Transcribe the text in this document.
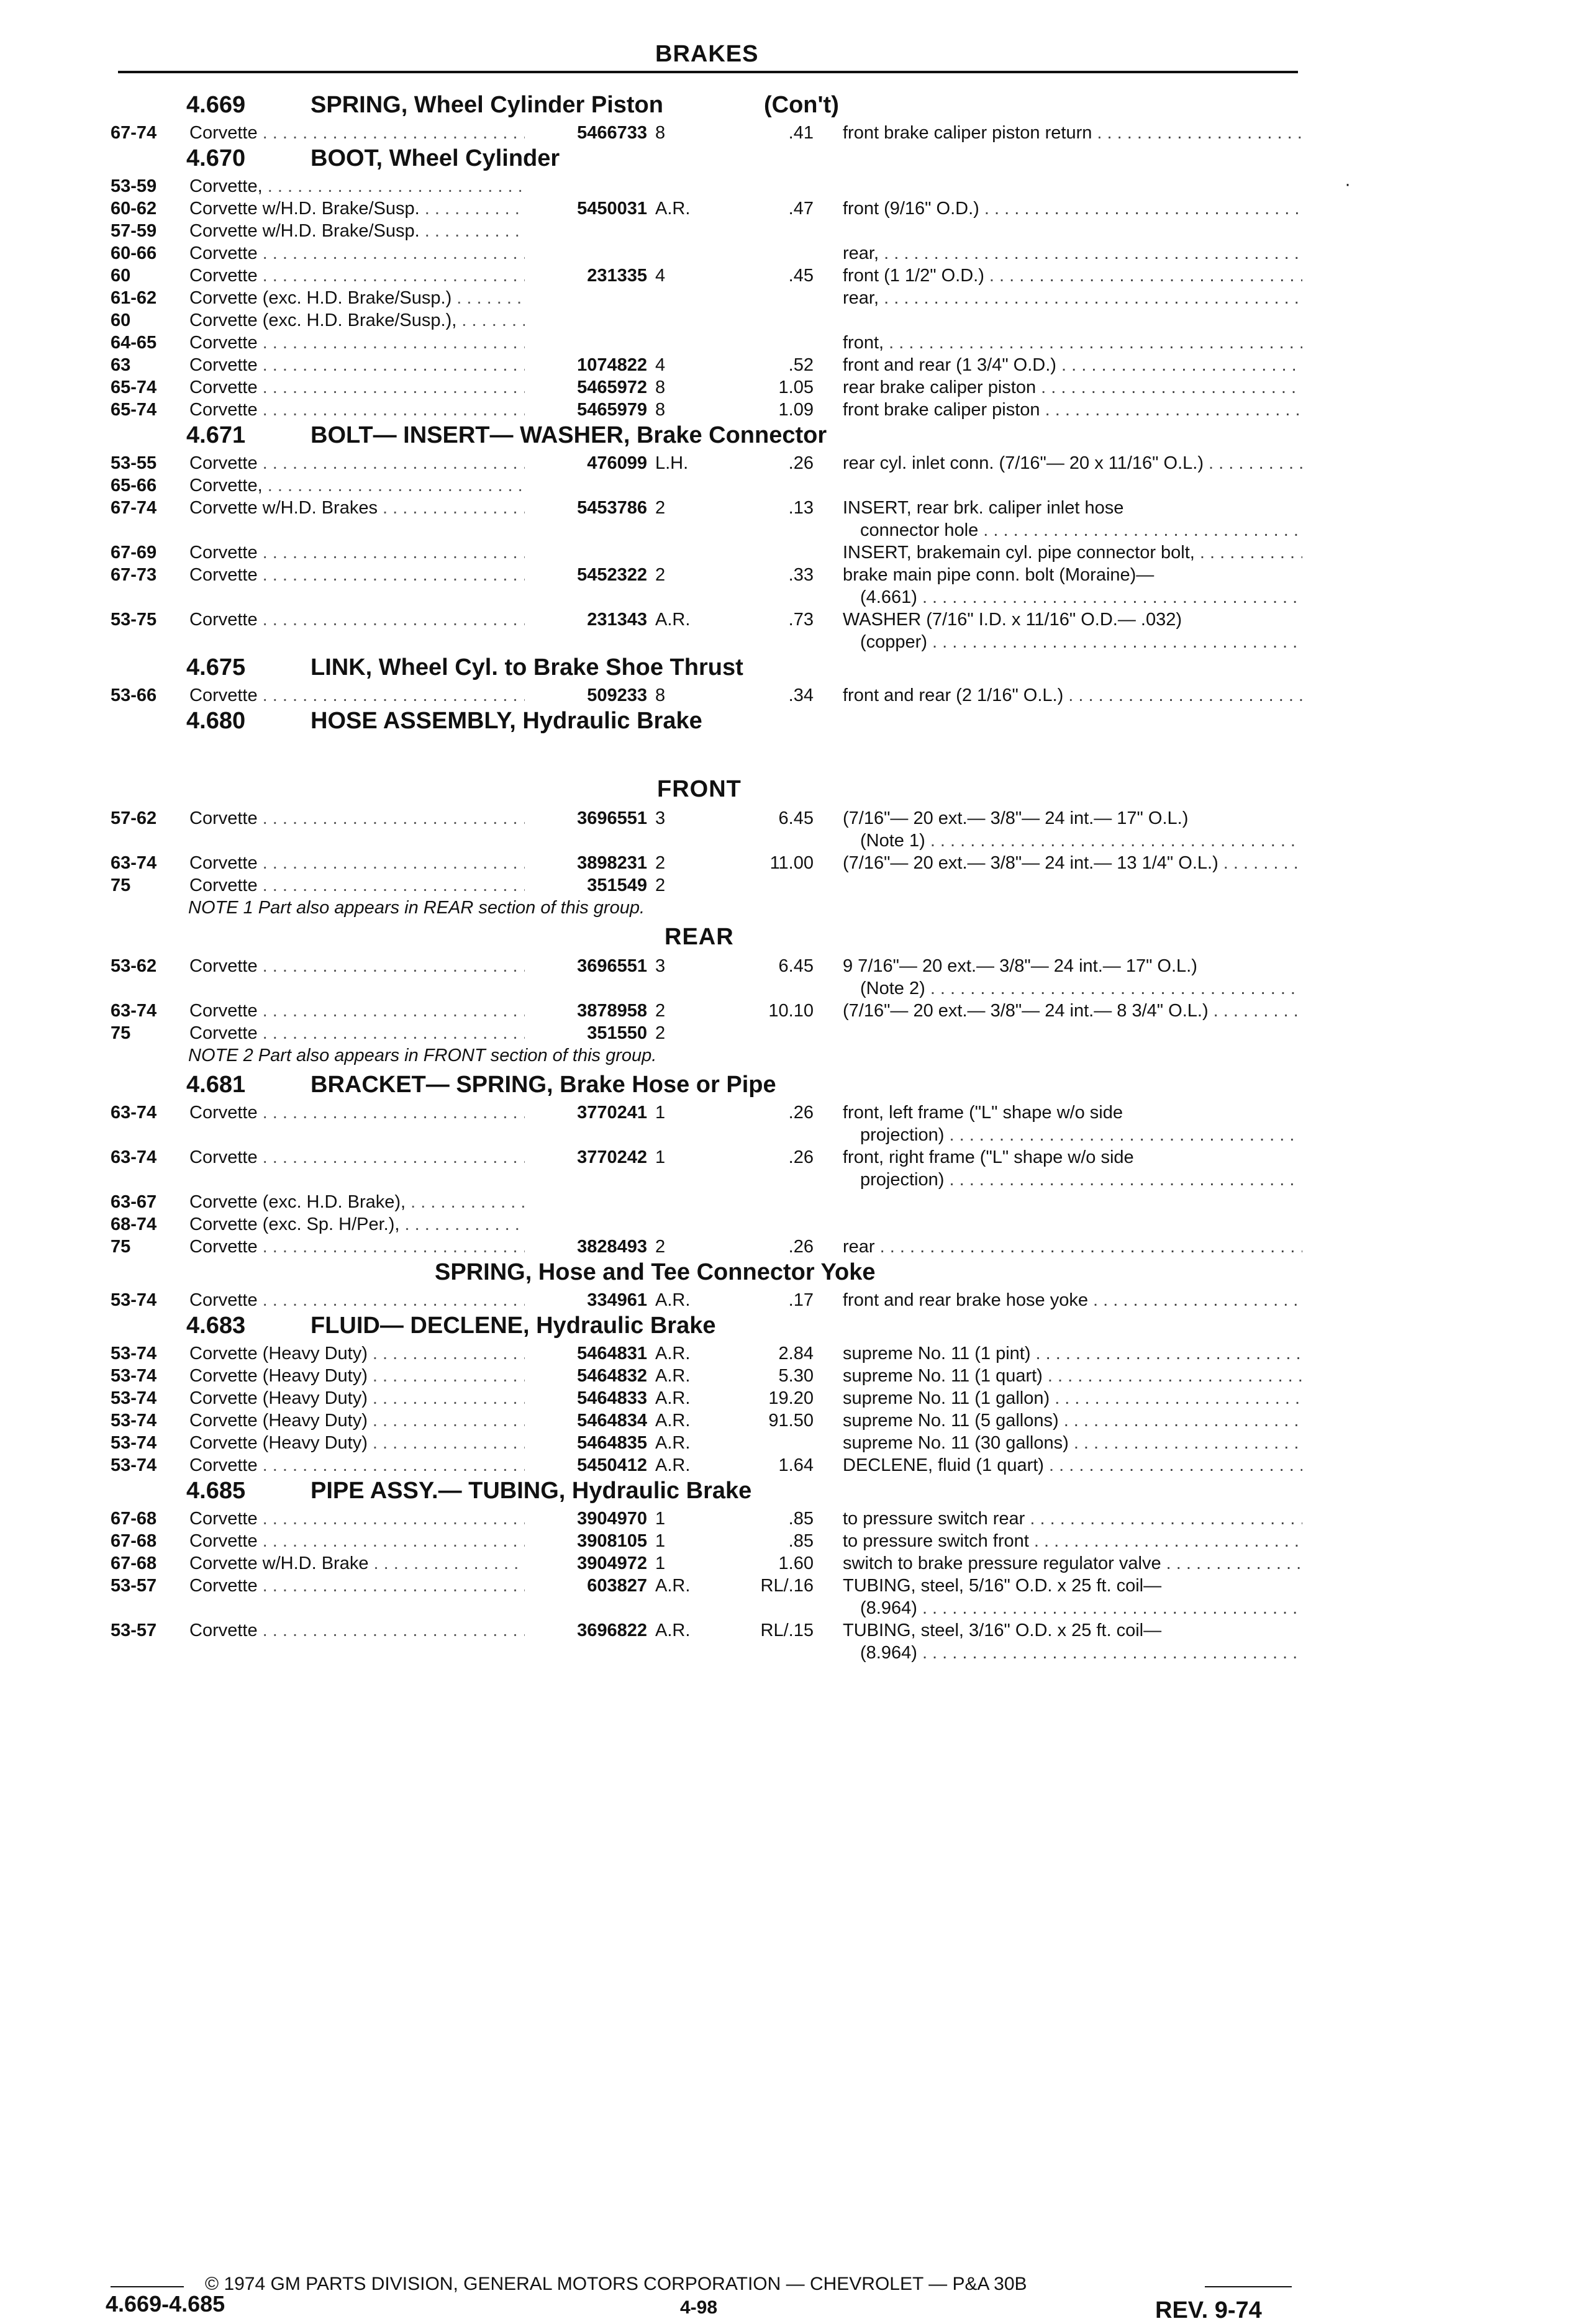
BRAKES
·
4.669	SPRING, Wheel Cylinder Piston	(Con't)
67-74 Corvette . . .	5466733 8	.41 front brake caliper piston return . . .
4.670	BOOT, Wheel Cylinder
53-59 Corvette, . . .
60-62 Corvette w/H.D. Brake/Susp. . . .	5450031 A.R.	.47 front (9/16" O.D.) . . .
57-59 Corvette w/H.D. Brake/Susp. . . .
60-66 Corvette . . .	rear, . . .
60	Corvette . . .	231335 4	.45 front (1 1/2" O.D.) . . .
61-62 Corvette (exc. H.D. Brake/Susp.) . . .	rear, . . .
60	Corvette (exc. H.D. Brake/Susp.), . . .
64-65 Corvette . . .	front, . . .
63	Corvette . . .	1074822 4	.52 front and rear (1 3/4" O.D.) . . .
65-74 Corvette . . .	5465972 8	1.05 rear brake caliper piston . . .
65-74 Corvette . . .	5465979 8	1.09 front brake caliper piston . . .
4.671	BOLT— INSERT— WASHER, Brake Connector
53-55 Corvette . . .	476099 L.H.	.26 rear cyl. inlet conn. (7/16"— 20 x 11/16" O.L.) . . .
65-66 Corvette, . . .
67-74 Corvette w/H.D. Brakes . . .	5453786 2	.13 INSERT, rear brk. caliper inlet hose
connector hole . . .
67-69 Corvette . . .	INSERT, brakemain cyl. pipe connector bolt, . . .
67-73 Corvette . . .	5452322 2	.33 brake main pipe conn. bolt (Moraine)—
(4.661) . . .
53-75 Corvette . . .	231343 A.R.	.73 WASHER (7/16" I.D. x 11/16" O.D.— .032)
(copper) . . .
4.675	LINK, Wheel Cyl. to Brake Shoe Thrust
53-66 Corvette . . .	509233 8	.34 front and rear (2 1/16" O.L.) . . .
4.680	HOSE ASSEMBLY, Hydraulic Brake
FRONT
57-62 Corvette . . .	3696551 3	6.45 (7/16"— 20 ext.— 3/8"— 24 int.— 17" O.L.)
(Note 1) . . .
63-74 Corvette . . .	3898231 2	11.00 (7/16"— 20 ext.— 3/8"— 24 int.— 13 1/4" O.L.) . . .
75	Corvette . . .	351549 2
NOTE 1 Part also appears in REAR section of this group.
REAR
53-62 Corvette . . .	3696551 3	6.45 9 7/16"— 20 ext.— 3/8"— 24 int.— 17" O.L.)
(Note 2) . . .
63-74 Corvette . . .	3878958 2	10.10 (7/16"— 20 ext.— 3/8"— 24 int.— 8 3/4" O.L.) . . .
75	Corvette . . .	351550 2
NOTE 2 Part also appears in FRONT section of this group.
4.681	BRACKET— SPRING, Brake Hose or Pipe
63-74 Corvette . . .	3770241 1	.26 front, left frame ("L" shape w/o side
projection) . . .
63-74 Corvette . . .	3770242 1	.26 front, right frame ("L" shape w/o side
projection) . . .
63-67 Corvette (exc. H.D. Brake), . . .
68-74 Corvette (exc. Sp. H/Per.), . . .
75	Corvette . . .	3828493 2	.26 rear . . .
SPRING, Hose and Tee Connector Yoke
53-74 Corvette . . .	334961 A.R.	.17 front and rear brake hose yoke . . .
4.683	FLUID— DECLENE, Hydraulic Brake
53-74 Corvette (Heavy Duty) . . .	5464831 A.R.	2.84 supreme No. 11 (1 pint) . . .
53-74 Corvette (Heavy Duty) . . .	5464832 A.R.	5.30 supreme No. 11 (1 quart) . . .
53-74 Corvette (Heavy Duty) . . .	5464833 A.R.	19.20 supreme No. 11 (1 gallon) . . .
53-74 Corvette (Heavy Duty) . . .	5464834 A.R.	91.50 supreme No. 11 (5 gallons) . . .
53-74 Corvette (Heavy Duty) . . .	5464835 A.R.	supreme No. 11 (30 gallons) . . .
53-74 Corvette . . .	5450412 A.R.	1.64 DECLENE, fluid (1 quart) . . .
4.685	PIPE ASSY.— TUBING, Hydraulic Brake
67-68 Corvette . . .	3904970 1	.85 to pressure switch rear . . .
67-68 Corvette . . .	3908105 1	.85 to pressure switch front . . .
67-68 Corvette w/H.D. Brake . . .	3904972 1	1.60 switch to brake pressure regulator valve . . .
53-57 Corvette . . .	603827 A.R.	RL/.16 TUBING, steel, 5/16" O.D. x 25 ft. coil—
(8.964) . . .
53-57 Corvette . . .	3696822 A.R.	RL/.15 TUBING, steel, 3/16" O.D. x 25 ft. coil—
(8.964) . . .
© 1974 GM PARTS DIVISION, GENERAL MOTORS CORPORATION — CHEVROLET — P&A 30B
4.669-4.685	4-98	REV. 9-74
